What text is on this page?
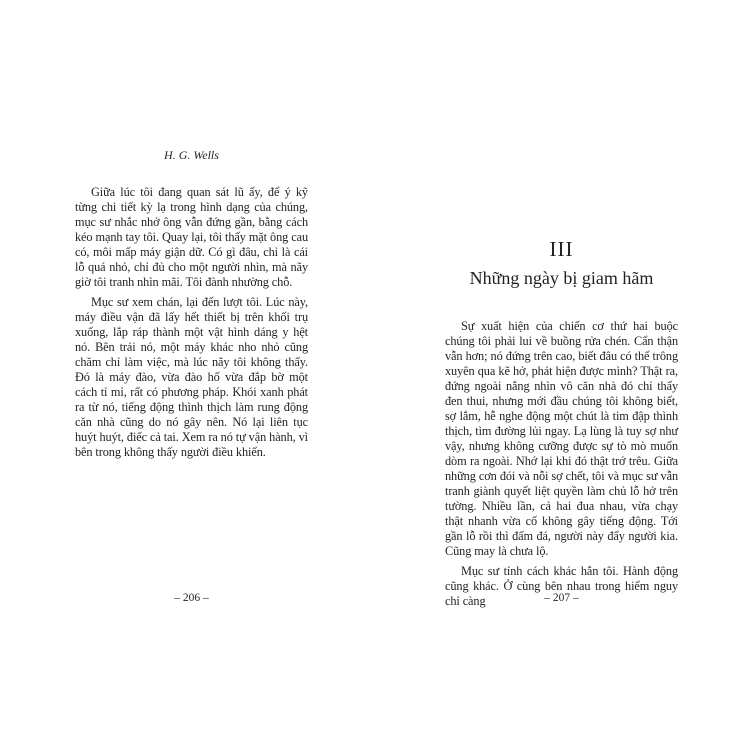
H. G. Wells

Giữa lúc tôi đang quan sát lũ ấy, để ý kỹ từng chi tiết kỳ lạ trong hình dạng của chúng, mục sư nhắc nhở ông vẫn đứng gần, bằng cách kéo mạnh tay tôi. Quay lại, tôi thấy mặt ông cau có, môi mấp máy giận dữ. Có gì đâu, chỉ là cái lỗ quá nhỏ, chỉ đủ cho một người nhìn, mà nãy giờ tôi tranh nhìn mãi. Tôi đành nhường chỗ.

Mục sư xem chán, lại đến lượt tôi. Lúc này, máy điều vận đã lấy hết thiết bị trên khối trụ xuống, lắp ráp thành một vật hình dáng y hệt nó. Bên trái nó, một máy khác nho nhỏ cũng chăm chỉ làm việc, mà lúc nãy tôi không thấy. Đó là máy đào, vừa đào hố vừa đắp bờ một cách tỉ mỉ, rất có phương pháp. Khói xanh phát ra từ nó, tiếng động thình thịch làm rung động căn nhà cũng do nó gây nên. Nó lại liên tục huýt huýt, điếc cả tai. Xem ra nó tự vận hành, vì bên trong không thấy người điều khiển.

– 206 –
III
Những ngày bị giam hãm

Sự xuất hiện của chiến cơ thứ hai buộc chúng tôi phải lui về buồng rửa chén. Cẩn thận vẫn hơn; nó đứng trên cao, biết đâu có thể trông xuyên qua kẽ hở, phát hiện được mình? Thật ra, đứng ngoài nắng nhìn vô căn nhà đó chỉ thấy đen thui, nhưng mới đầu chúng tôi không biết, sợ lắm, hễ nghe động một chút là tim đập thình thịch, tìm đường lủi ngay. Lạ lùng là tuy sợ như vậy, nhưng không cưỡng được sự tò mò muốn dòm ra ngoài. Nhớ lại khi đó thật trớ trêu. Giữa những cơn đói và nỗi sợ chết, tôi và mục sư vẫn tranh giành quyết liệt quyền làm chủ lỗ hở trên tường. Nhiều lần, cả hai đua nhau, vừa chạy thật nhanh vừa cố không gây tiếng động. Tới gần lỗ rồi thì đấm đá, người này đẩy người kia. Cũng may là chưa lộ.

Mục sư tính cách khác hẳn tôi. Hành động cũng khác. Ở cùng bên nhau trong hiểm nguy chỉ càng	– 207 –
